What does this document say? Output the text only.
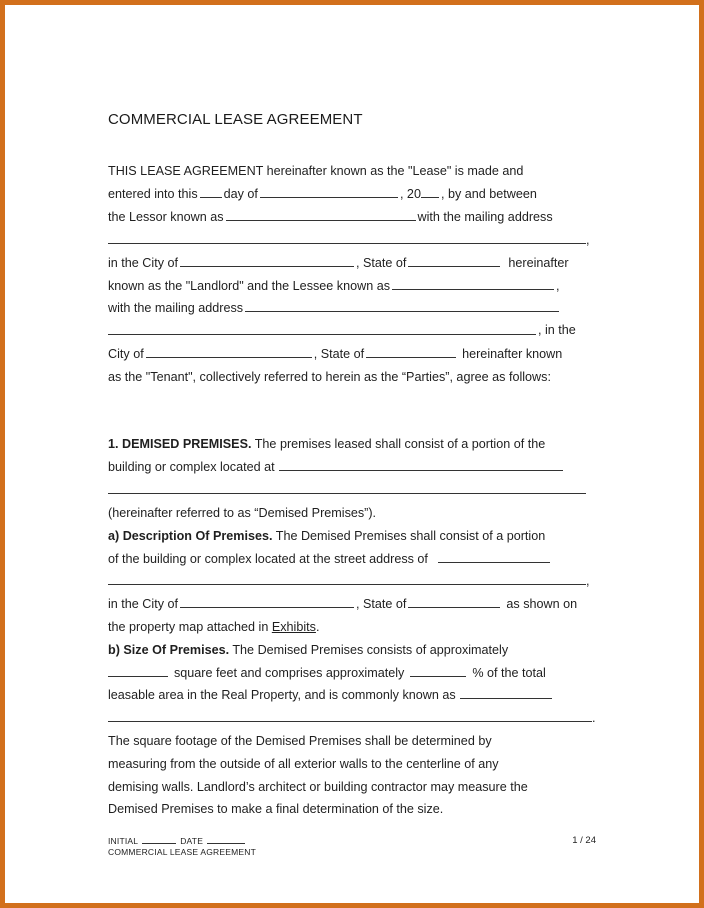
COMMERCIAL LEASE AGREEMENT
THIS LEASE AGREEMENT hereinafter known as the "Lease" is made and
entered into this day of	, 20 , by and between
the Lessor known as	with the mailing address
,
in the City of	, State of	hereinafter
known as the "Landlord" and the Lessee known as	,
with the mailing address
, in the
City of	, State of	hereinafter known
as the "Tenant", collectively referred to herein as the “Parties”, agree as follows:
1. DEMISED PREMISES. The premises leased shall consist of a portion of the
building or complex located at
(hereinafter referred to as “Demised Premises”).
a) Description Of Premises. The Demised Premises shall consist of a portion
of the building or complex located at the street address of
,
in the City of	, State of	as shown on
the property map attached in Exhibits.
b) Size Of Premises. The Demised Premises consists of approximately
square feet and comprises approximately	% of the total
leasable area in the Real Property, and is commonly known as
.
The square footage of the Demised Premises shall be determined by
measuring from the outside of all exterior walls to the centerline of any
demising walls. Landlord’s architect or building contractor may measure the
Demised Premises to make a final determination of the size.
INITIAL	DATE
COMMERCIAL LEASE AGREEMENT
1 / 24
